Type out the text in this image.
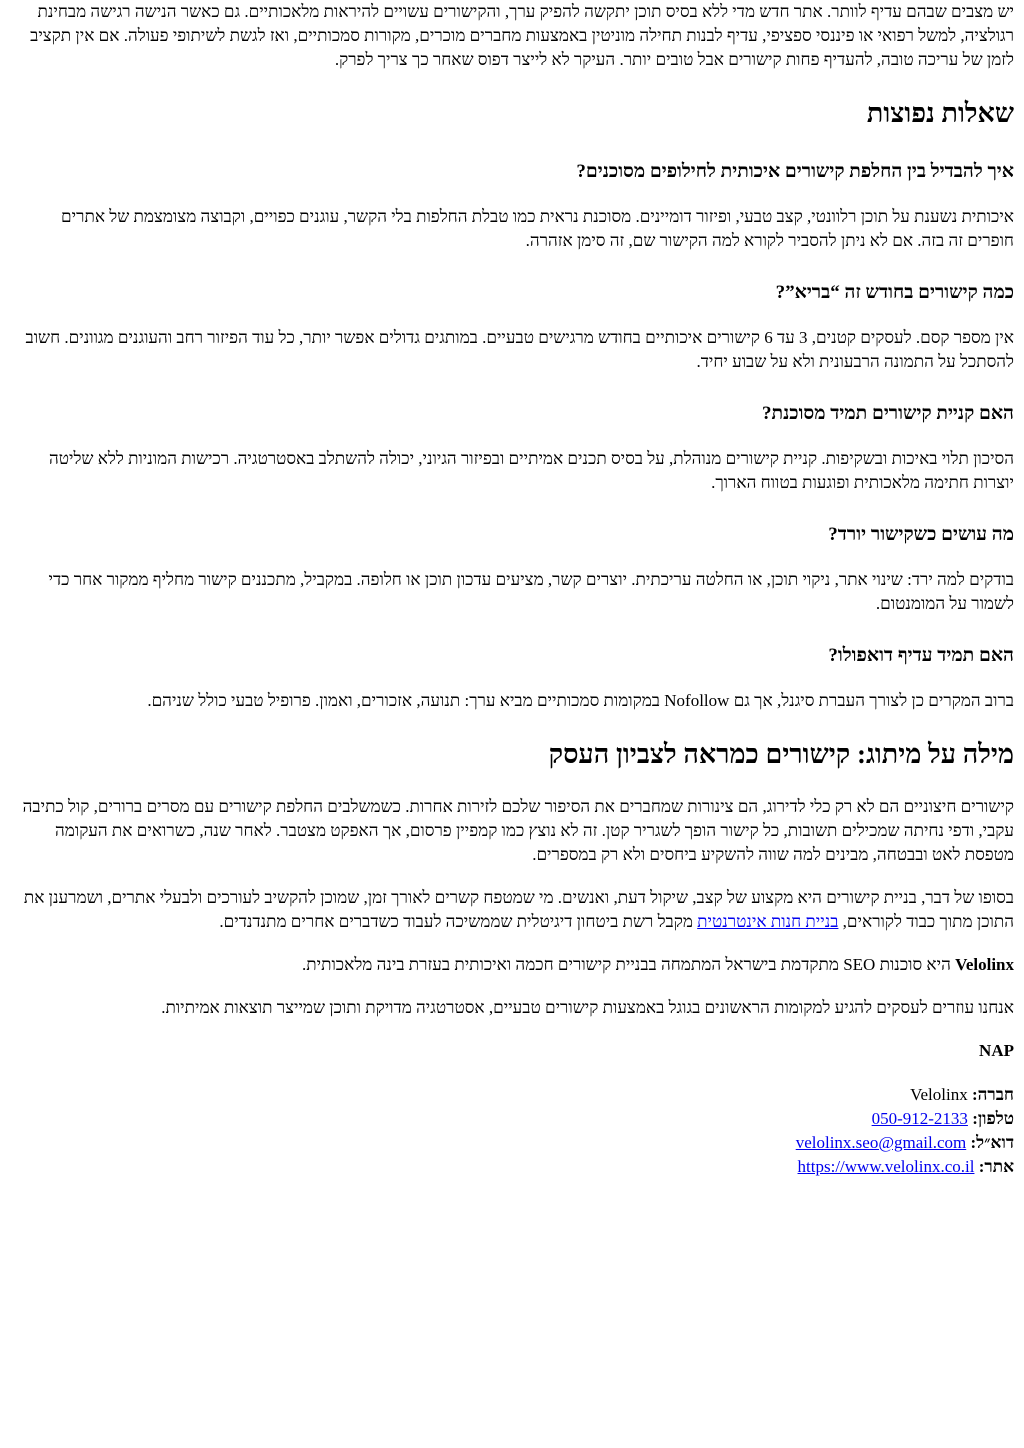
יש מצבים שבהם עדיף לוותר. אתר חדש מדי ללא בסיס תוכן יתקשה להפיק ערך, והקישורים עשויים להיראות מלאכותיים. גם כאשר הנישה רגישה מבחינת רגולציה, למשל רפואי או פיננסי ספציפי, עדיף לבנות תחילה מוניטין באמצעות מחברים מוכרים, מקורות סמכותיים, ואז לגשת לשיתופי פעולה. אם אין תקציב לזמן של עריכה טובה, להעדיף פחות קישורים אבל טובים יותר. העיקר לא לייצר דפוס שאחר כך צריך לפרק.

שאלות נפוצות
איך להבדיל בין החלפת קישורים איכותית לחילופים מסוכנים?

איכותית נשענת על תוכן רלוונטי, קצב טבעי, ופיזור דומיינים. מסוכנת נראית כמו טבלת החלפות בלי הקשר, עוגנים כפויים, וקבוצה מצומצמת של אתרים חופרים זה בזה. אם לא ניתן להסביר לקורא למה הקישור שם, זה סימן אזהרה.

כמה קישורים בחודש זה “בריא”?

אין מספר קסם. לעסקים קטנים, 3 עד 6 קישורים איכותיים בחודש מרגישים טבעיים. במותגים גדולים אפשר יותר, כל עוד הפיזור רחב והעוגנים מגוונים. חשוב להסתכל על התמונה הרבעונית ולא על שבוע יחיד.

האם קניית קישורים תמיד מסוכנת?

הסיכון תלוי באיכות ובשקיפות. קניית קישורים מנוהלת, על בסיס תכנים אמיתיים ובפיזור הגיוני, יכולה להשתלב באסטרטגיה. רכישות המוניות ללא שליטה יוצרות חתימה מלאכותית ופוגעות בטווח הארוך.

מה עושים כשקישור יורד?

בודקים למה ירד: שינוי אתר, ניקוי תוכן, או החלטה עריכתית. יוצרים קשר, מציעים עדכון תוכן או חלופה. במקביל, מתכננים קישור מחליף ממקור אחר כדי לשמור על המומנטום.

האם תמיד עדיף דואפולו?

ברוב המקרים כן לצורך העברת סיגנל, אך גם Nofollow במקומות סמכותיים מביא ערך: תנועה, אזכורים, ואמון. פרופיל טבעי כולל שניהם.

מילה על מיתוג: קישורים כמראה לצביון העסק

קישורים חיצוניים הם לא רק כלי לדירוג, הם צינורות שמחברים את הסיפור שלכם לזירות אחרות. כשמשלבים החלפת קישורים עם מסרים ברורים, קול כתיבה עקבי, ודפי נחיתה שמכילים תשובות, כל קישור הופך לשגריר קטן. זה לא נוצץ כמו קמפיין פרסום, אך האפקט מצטבר. לאחר שנה, כשרואים את העקומה מטפסת לאט ובבטחה, מבינים למה שווה להשקיע ביחסים ולא רק במספרים.

בסופו של דבר, בניית קישורים היא מקצוע של קצב, שיקול דעת, ואנשים. מי שמטפח קשרים לאורך זמן, שמוכן להקשיב לעורכים ולבעלי אתרים, ושמרענן את התוכן מתוך כבוד לקוראים, בניית חנות אינטרנטית מקבל רשת ביטחון דיגיטלית שממשיכה לעבוד כשדברים אחרים מתנדנדים.

Velolinx היא סוכנות SEO מתקדמת בישראל המתמחה בבניית קישורים חכמה ואיכותית בעזרת בינה מלאכותית.

אנחנו עוזרים לעסקים להגיע למקומות הראשונים בגוגל באמצעות קישורים טבעיים, אסטרטגיה מדויקת ותוכן שמייצר תוצאות אמיתיות.

NAP

חברה: Velolinx
טלפון: 050-912-2133
דוא״ל: velolinx.seo@gmail.com
אתר: https://www.velolinx.co.il
